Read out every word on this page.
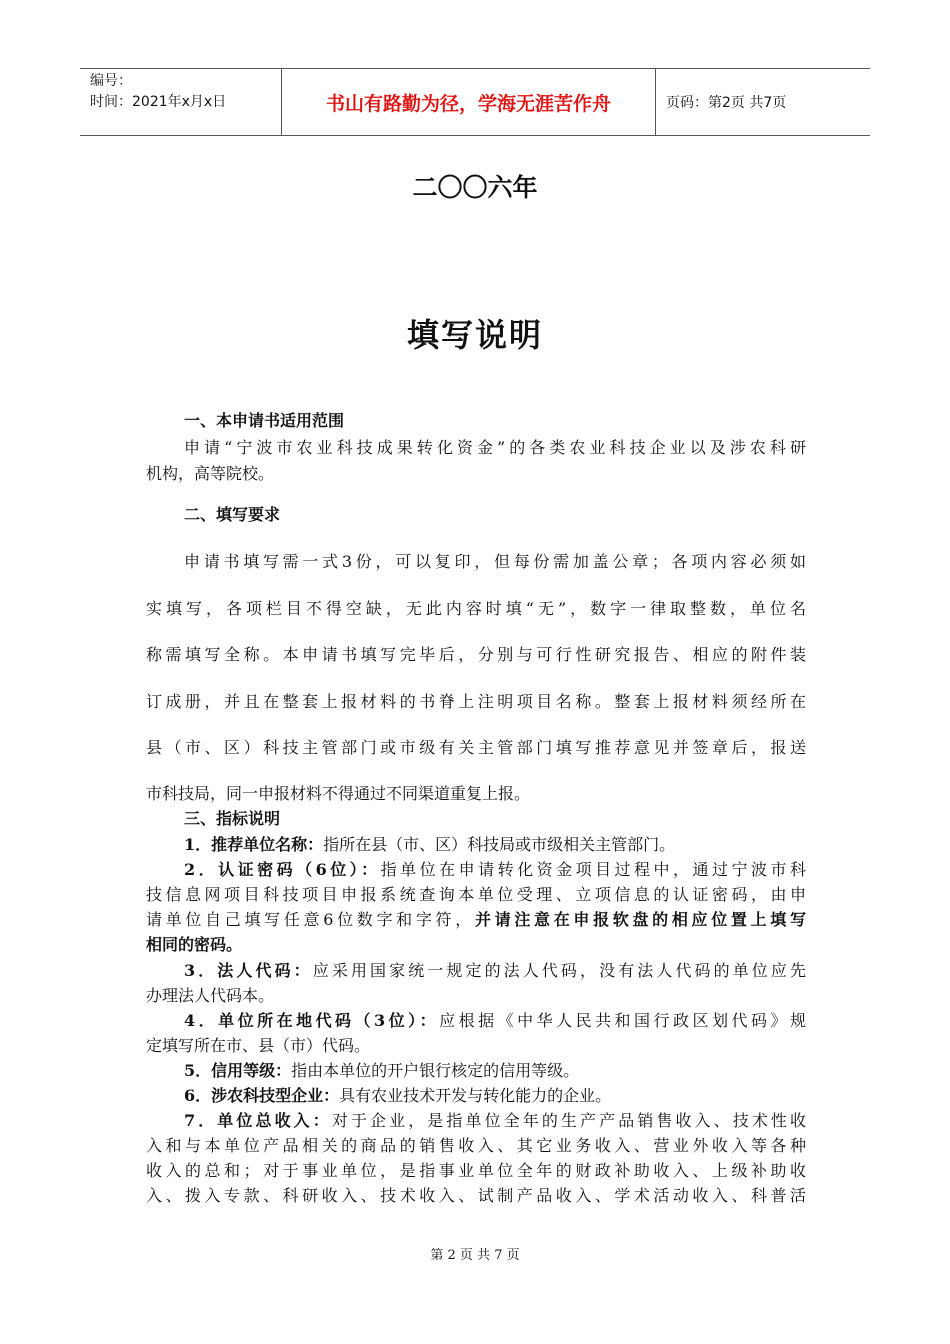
编号：
时间：2021年x月x日	书山有路勤为径，学海无涯苦作舟	页码：第2页 共7页
二〇〇六年
填写说明
一、本申请书适用范围
申请“宁波市农业科技成果转化资金”的各类农业科技企业以及涉农科研
机构，高等院校。
二、填写要求
申请书填写需一式3份，可以复印，但每份需加盖公章；各项内容必须如
实填写，各项栏目不得空缺，无此内容时填“无”，数字一律取整数，单位名
称需填写全称。本申请书填写完毕后，分别与可行性研究报告、相应的附件装
订成册，并且在整套上报材料的书脊上注明项目名称。整套上报材料须经所在
县（市、区）科技主管部门或市级有关主管部门填写推荐意见并签章后，报送
市科技局，同一申报材料不得通过不同渠道重复上报。
三、指标说明
1．推荐单位名称：指所在县（市、区）科技局或市级相关主管部门。
2．认证密码（6位）：指单位在申请转化资金项目过程中，通过宁波市科
技信息网项目科技项目申报系统查询本单位受理、立项信息的认证密码，由申
请单位自己填写任意6位数字和字符，并请注意在申报软盘的相应位置上填写
相同的密码。
3．法人代码：应采用国家统一规定的法人代码，没有法人代码的单位应先
办理法人代码本。
4．单位所在地代码（3位）：应根据《中华人民共和国行政区划代码》规
定填写所在市、县（市）代码。
5．信用等级：指由本单位的开户银行核定的信用等级。
6．涉农科技型企业：具有农业技术开发与转化能力的企业。
7．单位总收入：对于企业，是指单位全年的生产产品销售收入、技术性收
入和与本单位产品相关的商品的销售收入、其它业务收入、营业外收入等各种
收入的总和；对于事业单位，是指事业单位全年的财政补助收入、上级补助收
入、拨入专款、科研收入、技术收入、试制产品收入、学术活动收入、科普活
第 2 页 共 7 页
